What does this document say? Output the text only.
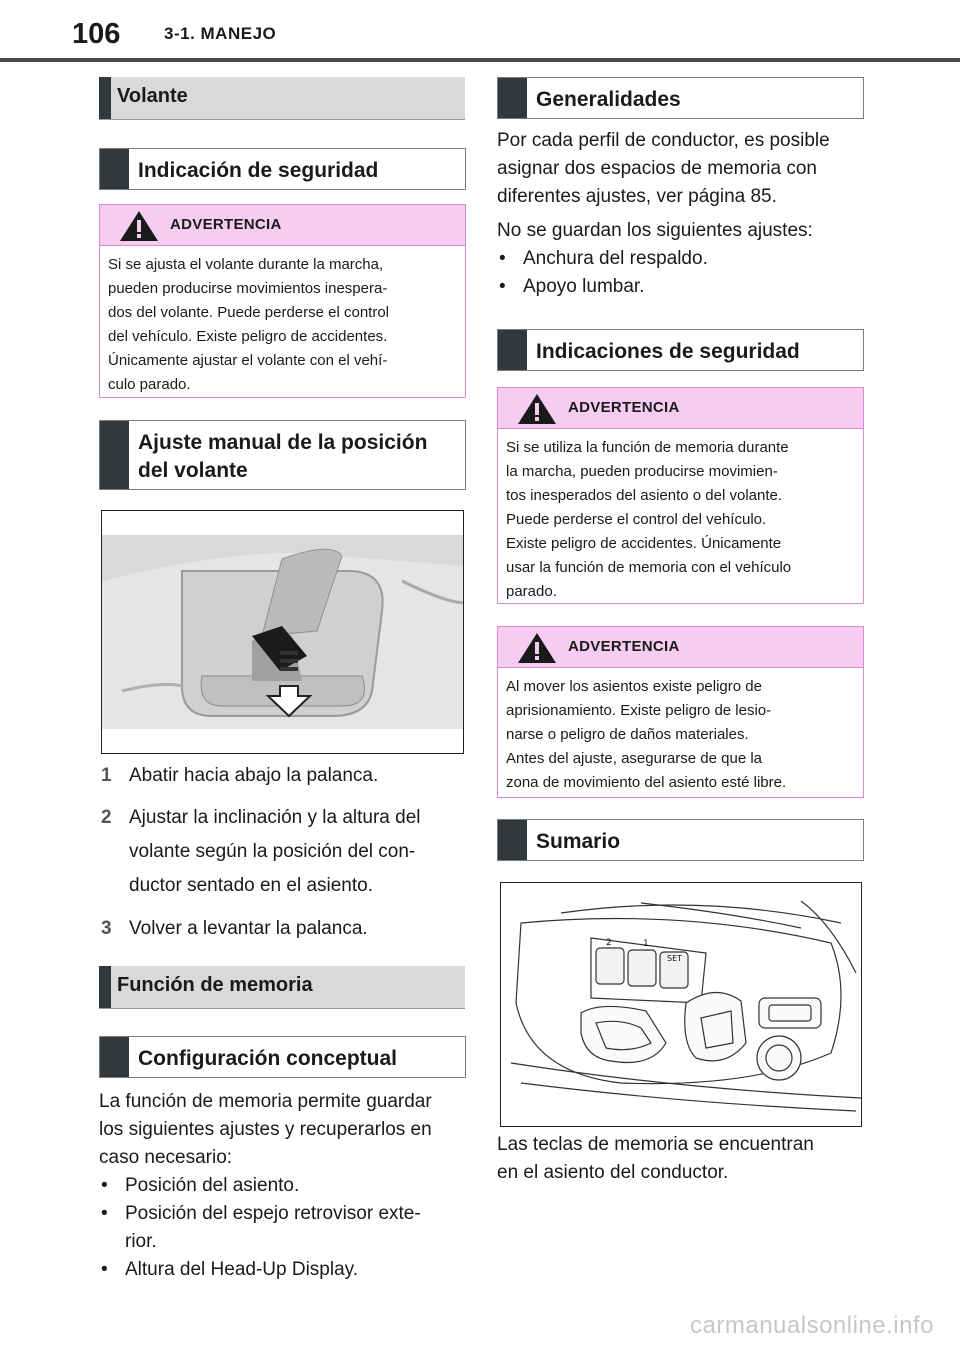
106	3-1. MANEJO
Volante
Indicación de seguridad
ADVERTENCIA
Si se ajusta el volante durante la marcha,
pueden producirse movimientos inespera-
dos del volante. Puede perderse el control
del vehículo. Existe peligro de accidentes.
Únicamente ajustar el volante con el vehí-
culo parado.
Ajuste manual de la posición
del volante
1 Abatir hacia abajo la palanca.
2 Ajustar la inclinación y la altura del
volante según la posición del con-
ductor sentado en el asiento.
3 Volver a levantar la palanca.
Función de memoria
Configuración conceptual
La función de memoria permite guardar
los siguientes ajustes y recuperarlos en
caso necesario:
• Posición del asiento.
• Posición del espejo retrovisor exte-
rior.
• Altura del Head-Up Display.
Generalidades
Por cada perfil de conductor, es posible
asignar dos espacios de memoria con
diferentes ajustes, ver página 85.
No se guardan los siguientes ajustes:
• Anchura del respaldo.
• Apoyo lumbar.
Indicaciones de seguridad
ADVERTENCIA
Si se utiliza la función de memoria durante
la marcha, pueden producirse movimien-
tos inesperados del asiento o del volante.
Puede perderse el control del vehículo.
Existe peligro de accidentes. Únicamente
usar la función de memoria con el vehículo
parado.
ADVERTENCIA
Al mover los asientos existe peligro de
aprisionamiento. Existe peligro de lesio-
narse o peligro de daños materiales.
Antes del ajuste, asegurarse de que la
zona de movimiento del asiento esté libre.
Sumario
2	1
SET
Las teclas de memoria se encuentran
en el asiento del conductor.
carmanualsonline.info
